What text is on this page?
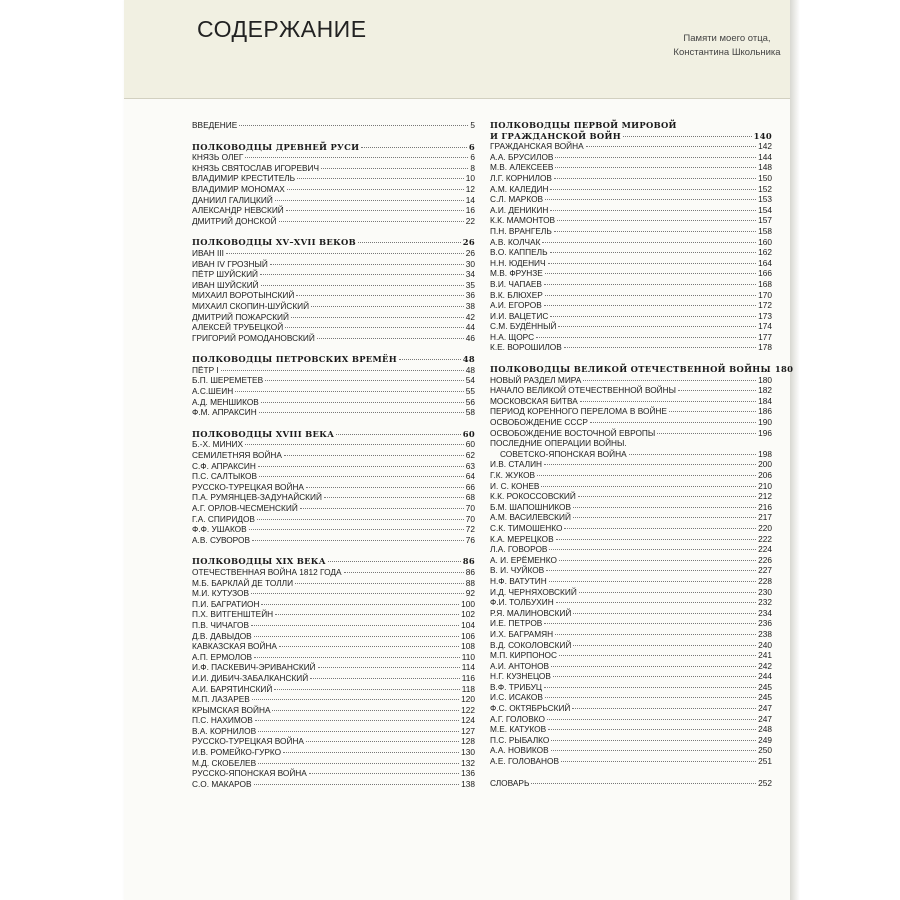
СОДЕРЖАНИЕ	Памяти моего отца,
Константина Школьника
ВВЕДЕНИЕ	5
ПОЛКОВОДЦЫ ДРЕВНЕЙ РУСИ	6
КНЯЗЬ ОЛЕГ	6
КНЯЗЬ СВЯТОСЛАВ ИГОРЕВИЧ	8
ВЛАДИМИР КРЕСТИТЕЛЬ	10
ВЛАДИМИР МОНОМАХ	12
ДАНИИЛ ГАЛИЦКИЙ	14
АЛЕКСАНДР НЕВСКИЙ	16
ДМИТРИЙ ДОНСКОЙ	22
ПОЛКОВОДЦЫ XV–XVII ВЕКОВ	26
ИВАН III	26
ИВАН IV ГРОЗНЫЙ	30
ПЁТР ШУЙСКИЙ	34
ИВАН ШУЙСКИЙ	35
МИХАИЛ ВОРОТЫНСКИЙ	36
МИХАИЛ СКОПИН-ШУЙСКИЙ	38
ДМИТРИЙ ПОЖАРСКИЙ	42
АЛЕКСЕЙ ТРУБЕЦКОЙ	44
ГРИГОРИЙ РОМОДАНОВСКИЙ	46
ПОЛКОВОДЦЫ ПЕТРОВСКИХ ВРЕМЁН	48
ПЁТР I	48
Б.П. ШЕРЕМЕТЕВ	54
А.С.ШЕИН	55
А.Д. МЕНШИКОВ	56
Ф.М. АПРАКСИН	58
ПОЛКОВОДЦЫ XVIII ВЕКА	60
Б.-Х. МИНИХ	60
СЕМИЛЕТНЯЯ ВОЙНА	62
С.Ф. АПРАКСИН	63
П.С. САЛТЫКОВ	64
РУССКО-ТУРЕЦКАЯ ВОЙНА	66
П.А. РУМЯНЦЕВ-ЗАДУНАЙСКИЙ	68
А.Г. ОРЛОВ-ЧЕСМЕНСКИЙ	70
Г.А. СПИРИДОВ	70
Ф.Ф. УШАКОВ	72
А.В. СУВОРОВ	76
ПОЛКОВОДЦЫ XIX ВЕКА	86
ОТЕЧЕСТВЕННАЯ ВОЙНА 1812 ГОДА	86
М.Б. БАРКЛАЙ ДЕ ТОЛЛИ	88
М.И. КУТУЗОВ	92
П.И. БАГРАТИОН	100
П.Х. ВИТГЕНШТЕЙН	102
П.В. ЧИЧАГОВ	104
Д.В. ДАВЫДОВ	106
КАВКАЗСКАЯ ВОЙНА	108
А.П. ЕРМОЛОВ	110
И.Ф. ПАСКЕВИЧ-ЭРИВАНСКИЙ	114
И.И. ДИБИЧ-ЗАБАЛКАНСКИЙ	116
А.И. БАРЯТИНСКИЙ	118
М.П. ЛАЗАРЕВ	120
КРЫМСКАЯ ВОЙНА	122
П.С. НАХИМОВ	124
В.А. КОРНИЛОВ	127
РУССКО-ТУРЕЦКАЯ ВОЙНА	128
И.В. РОМЕЙКО-ГУРКО	130
М.Д. СКОБЕЛЕВ	132
РУССКО-ЯПОНСКАЯ ВОЙНА	136
С.О. МАКАРОВ	138
ПОЛКОВОДЦЫ ПЕРВОЙ МИРОВОЙ
И ГРАЖДАНСКОЙ ВОЙН	140
ГРАЖДАНСКАЯ ВОЙНА	142
А.А. БРУСИЛОВ	144
М.В. АЛЕКСЕЕВ	148
Л.Г. КОРНИЛОВ	150
А.М. КАЛЕДИН	152
С.Л. МАРКОВ	153
А.И. ДЕНИКИН	154
К.К. МАМОНТОВ	157
П.Н. ВРАНГЕЛЬ	158
А.В. КОЛЧАК	160
В.О. КАППЕЛЬ	162
Н.Н. ЮДЕНИЧ	164
М.В. ФРУНЗЕ	166
В.И. ЧАПАЕВ	168
В.К. БЛЮХЕР	170
А.И. ЕГОРОВ	172
И.И. ВАЦЕТИС	173
С.М. БУДЁННЫЙ	174
Н.А. ЩОРС	177
К.Е. ВОРОШИЛОВ	178
ПОЛКОВОДЦЫ ВЕЛИКОЙ ОТЕЧЕСТВЕННОЙ ВОЙНЫ 180
НОВЫЙ РАЗДЕЛ МИРА	180
НАЧАЛО ВЕЛИКОЙ ОТЕЧЕСТВЕННОЙ ВОЙНЫ	182
МОСКОВСКАЯ БИТВА	184
ПЕРИОД КОРЕННОГО ПЕРЕЛОМА В ВОЙНЕ	186
ОСВОБОЖДЕНИЕ СССР	190
ОСВОБОЖДЕНИЕ ВОСТОЧНОЙ ЕВРОПЫ	196
ПОСЛЕДНИЕ ОПЕРАЦИИ ВОЙНЫ.
СОВЕТСКО-ЯПОНСКАЯ ВОЙНА	198
И.В. СТАЛИН	200
Г.К. ЖУКОВ	206
И. С. КОНЕВ	210
К.К. РОКОССОВСКИЙ	212
Б.М. ШАПОШНИКОВ	216
А.М. ВАСИЛЕВСКИЙ	217
С.К. ТИМОШЕНКО	220
К.А. МЕРЕЦКОВ	222
Л.А. ГОВОРОВ	224
А. И. ЕРЁМЕНКО	226
В. И. ЧУЙКОВ	227
Н.Ф. ВАТУТИН	228
И.Д. ЧЕРНЯХОВСКИЙ	230
Ф.И. ТОЛБУХИН	232
Р.Я. МАЛИНОВСКИЙ	234
И.Е. ПЕТРОВ	236
И.Х. БАГРАМЯН	238
В.Д. СОКОЛОВСКИЙ	240
М.П. КИРПОНОС	241
А.И. АНТОНОВ	242
Н.Г. КУЗНЕЦОВ	244
В.Ф. ТРИБУЦ	245
И.С. ИСАКОВ	245
Ф.С. ОКТЯБРЬСКИЙ	247
А.Г. ГОЛОВКО	247
М.Е. КАТУКОВ	248
П.С. РЫБАЛКО	249
А.А. НОВИКОВ	250
А.Е. ГОЛОВАНОВ	251
СЛОВАРЬ	252
